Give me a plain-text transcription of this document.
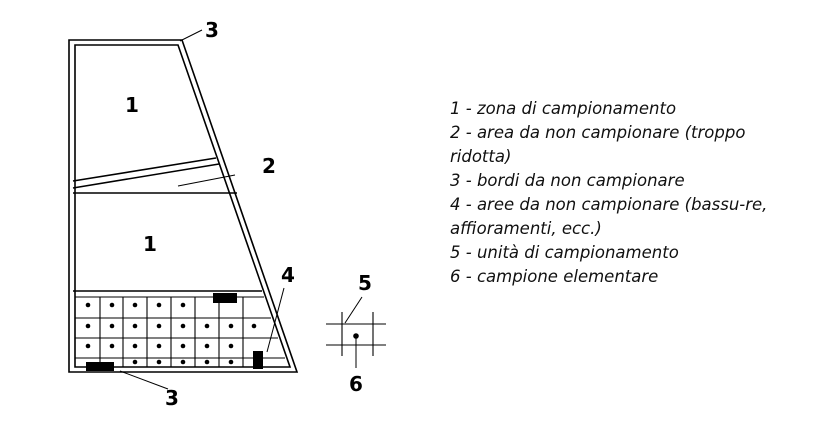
1
1
2
3
3
4	5
6
1 - zona di campionamento
2 - area da non campionare (troppo ridotta)
3 - bordi da non campionare
4 - aree da non campionare (bassu-re, affioramenti, ecc.)
5 - unità di campionamento
6 - campione elementare
